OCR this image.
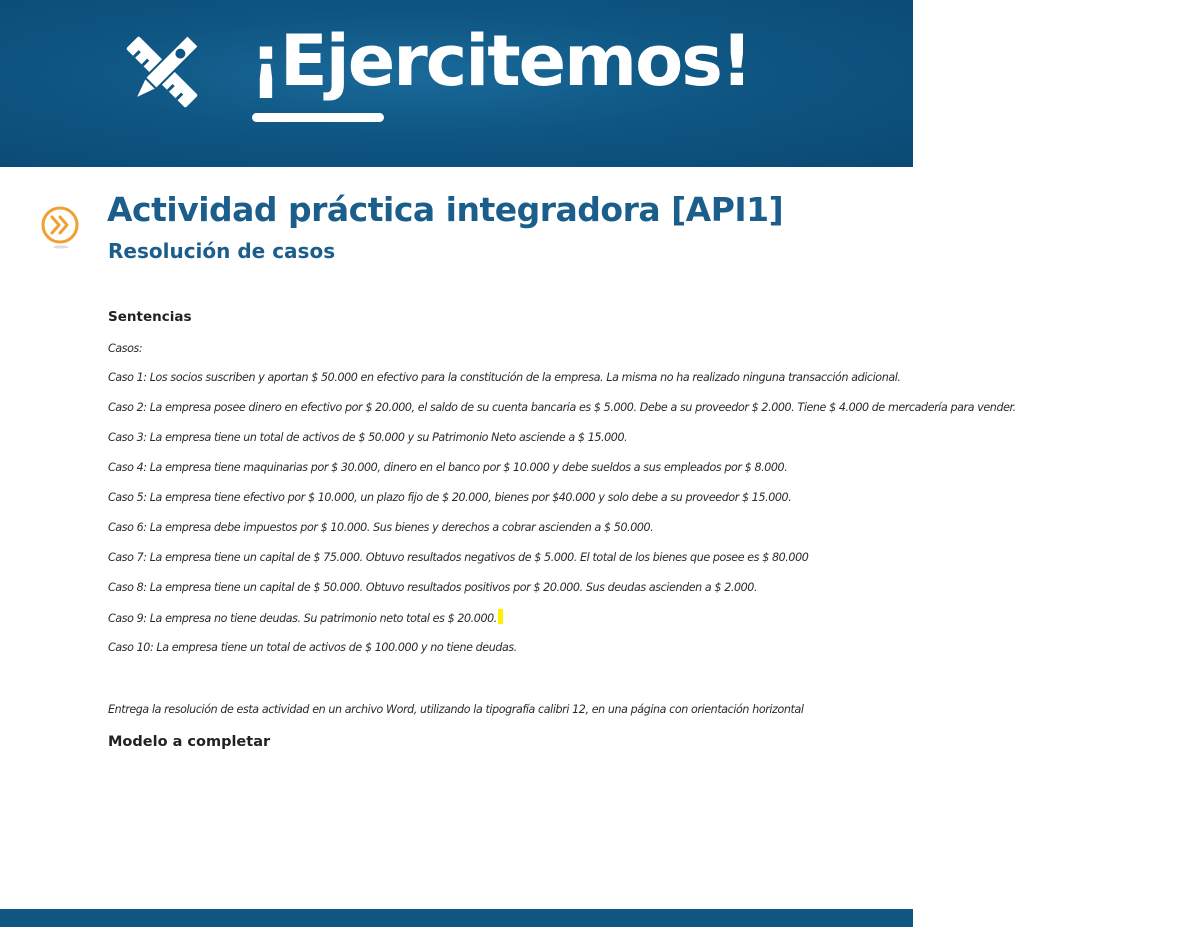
¡Ejercitemos!
Actividad práctica integradora [API1]
Resolución de casos
Sentencias

Casos:

Caso 1: Los socios suscriben y aportan $ 50.000 en efectivo para la constitución de la empresa. La misma no ha realizado ninguna transacción adicional.
Caso 2: La empresa posee dinero en efectivo por $ 20.000, el saldo de su cuenta bancaria es $ 5.000. Debe a su proveedor $ 2.000. Tiene $ 4.000 de mercadería para vender.
Caso 3: La empresa tiene un total de activos de $ 50.000 y su Patrimonio Neto asciende a $ 15.000.
Caso 4: La empresa tiene maquinarias por $ 30.000, dinero en el banco por $ 10.000 y debe sueldos a sus empleados por $ 8.000.
Caso 5: La empresa tiene efectivo por $ 10.000, un plazo fijo de $ 20.000, bienes por $40.000 y solo debe a su proveedor $ 15.000.
Caso 6: La empresa debe impuestos por $ 10.000. Sus bienes y derechos a cobrar ascienden a $ 50.000.
Caso 7: La empresa tiene un capital de $ 75.000. Obtuvo resultados negativos de $ 5.000. El total de los bienes que posee es $ 80.000
Caso 8: La empresa tiene un capital de $ 50.000. Obtuvo resultados positivos por $ 20.000. Sus deudas ascienden a $ 2.000.
Caso 9: La empresa no tiene deudas. Su patrimonio neto total es $ 20.000.
Caso 10: La empresa tiene un total de activos de $ 100.000 y no tiene deudas.

Entrega la resolución de esta actividad en un archivo Word, utilizando la tipografía calibri 12, en una página con orientación horizontal

Modelo a completar
